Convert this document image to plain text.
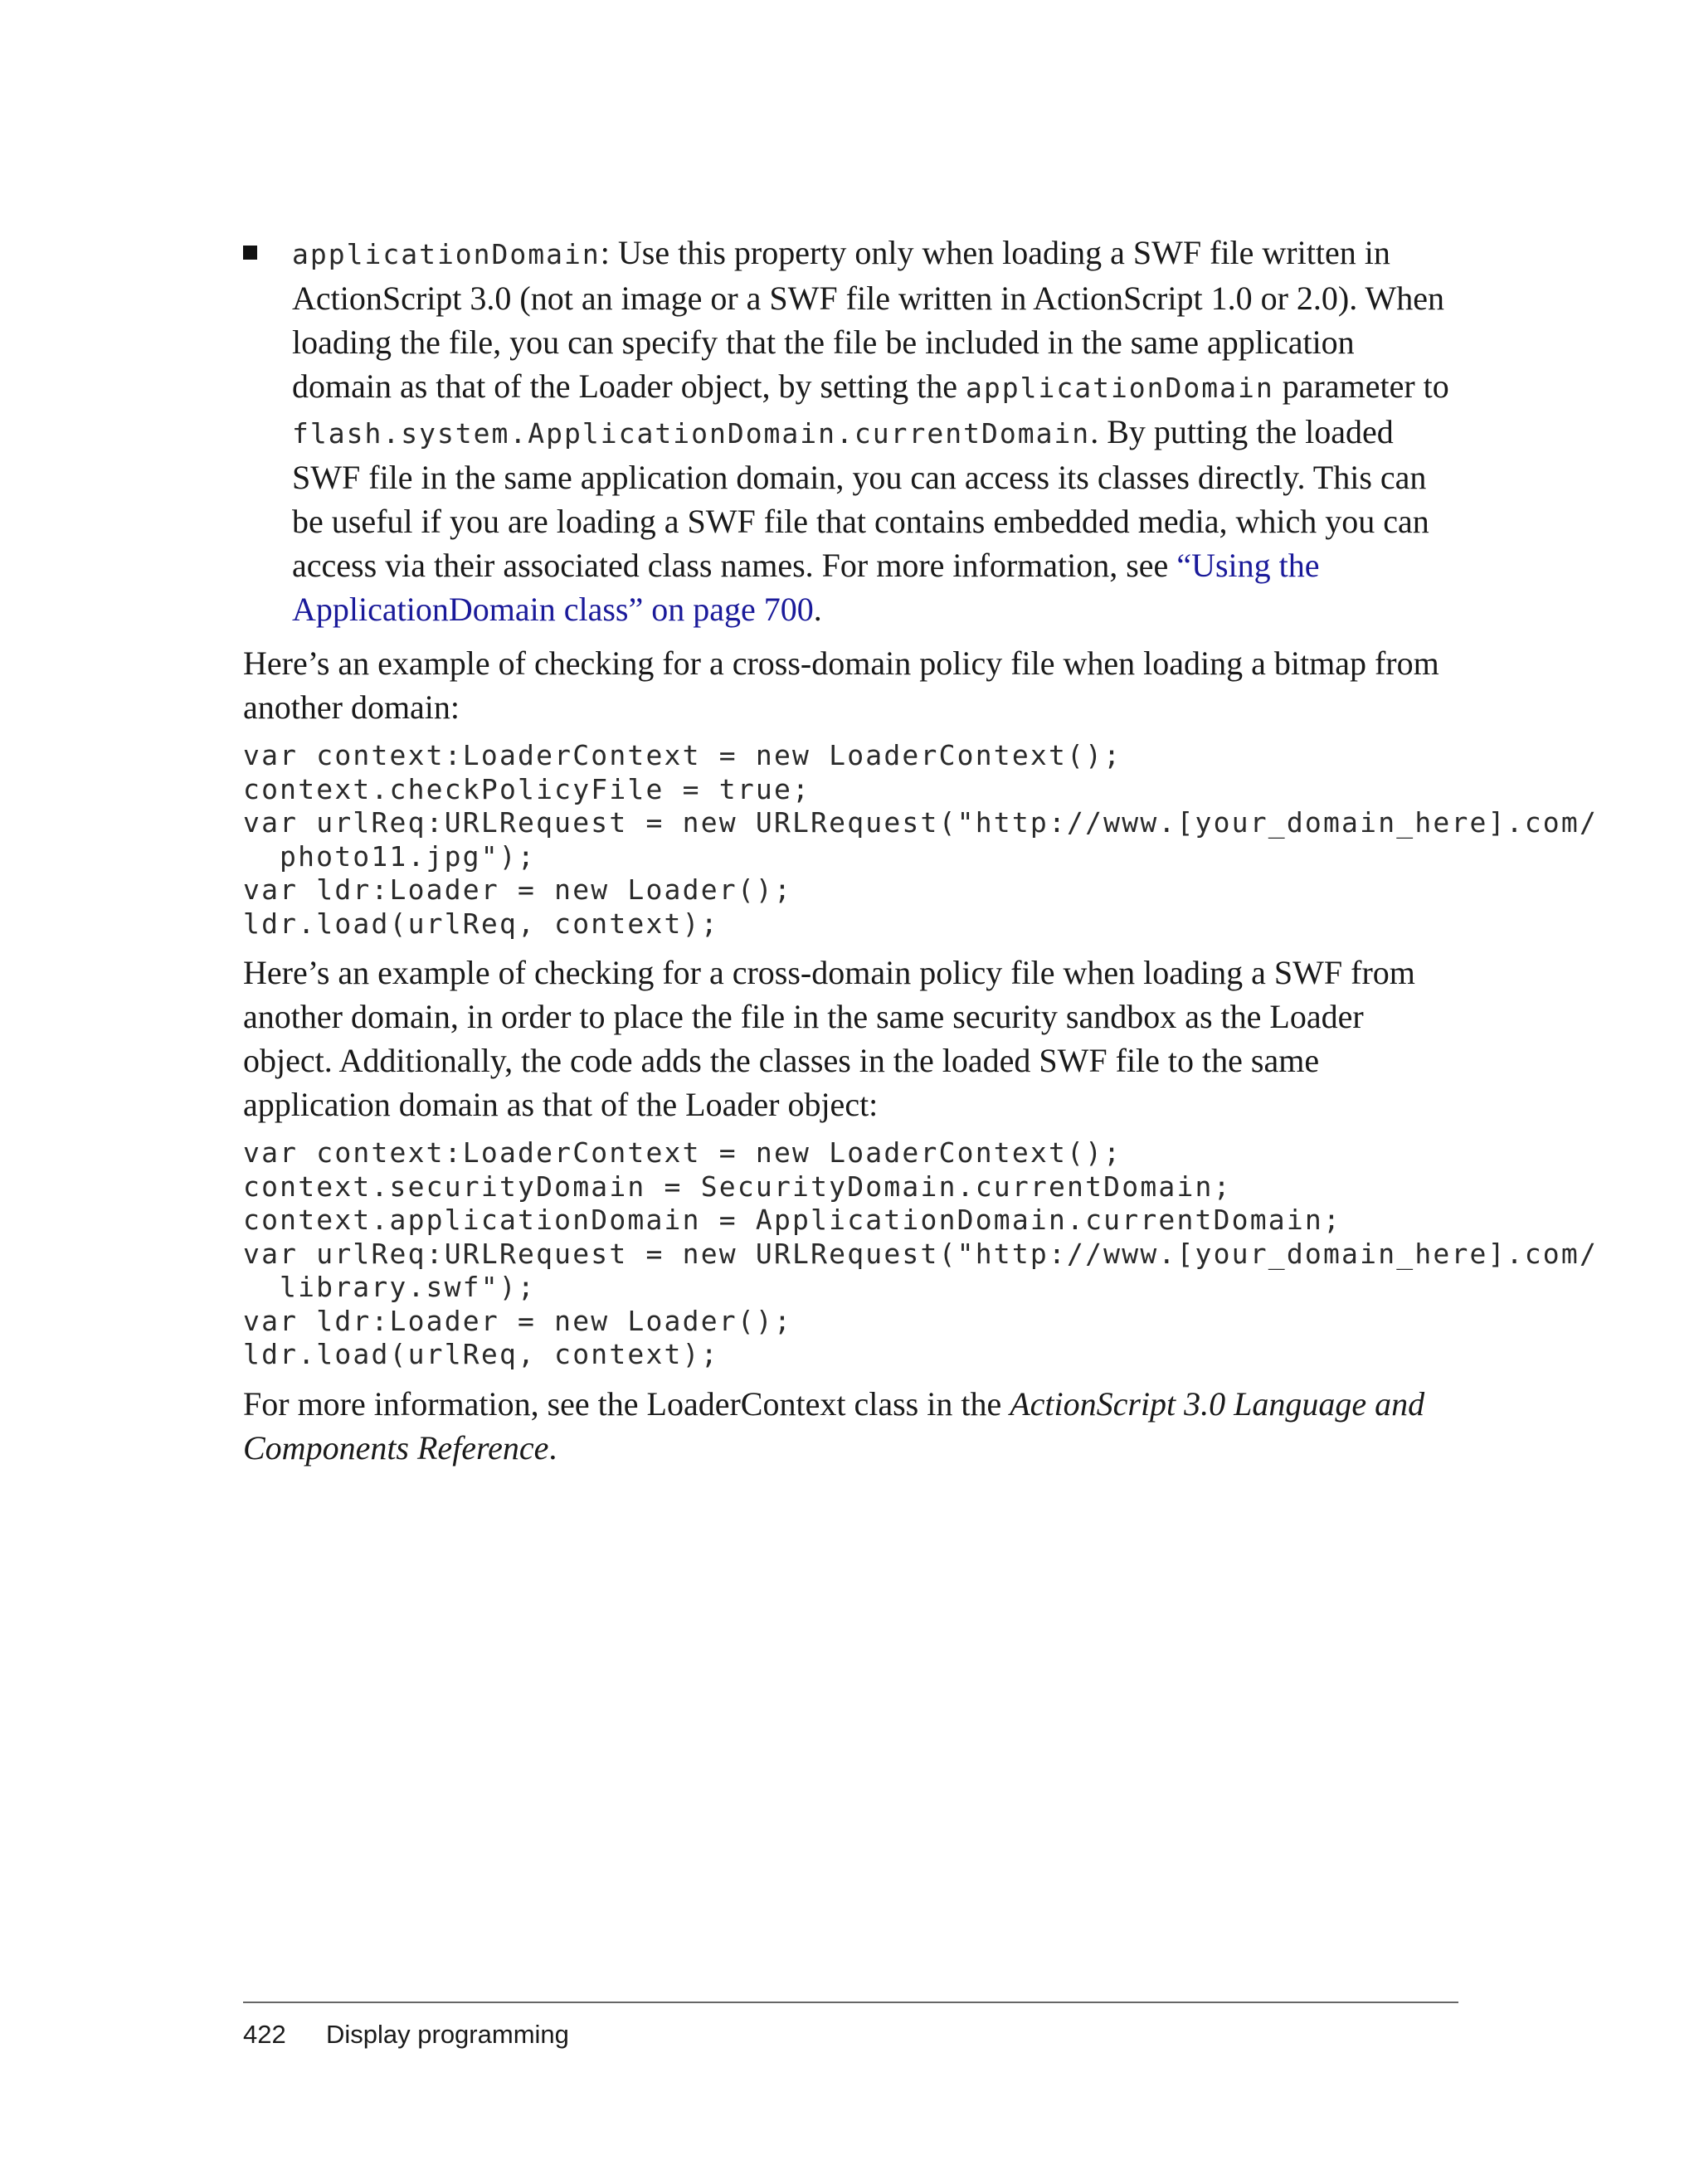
applicationDomain: Use this property only when loading a SWF file written in ActionScript 3.0 (not an image or a SWF file written in ActionScript 1.0 or 2.0). When loading the file, you can specify that the file be included in the same application domain as that of the Loader object, by setting the applicationDomain parameter to flash.system.ApplicationDomain.currentDomain. By putting the loaded SWF file in the same application domain, you can access its classes directly. This can be useful if you are loading a SWF file that contains embedded media, which you can access via their associated class names. For more information, see “Using the ApplicationDomain class” on page 700.

Here’s an example of checking for a cross-domain policy file when loading a bitmap from another domain:

var context:LoaderContext = new LoaderContext();
context.checkPolicyFile = true;
var urlReq:URLRequest = new URLRequest("http://www.[your_domain_here].com/
photo11.jpg");
var ldr:Loader = new Loader();
ldr.load(urlReq, context);

Here’s an example of checking for a cross-domain policy file when loading a SWF from another domain, in order to place the file in the same security sandbox as the Loader object. Additionally, the code adds the classes in the loaded SWF file to the same application domain as that of the Loader object:

var context:LoaderContext = new LoaderContext();
context.securityDomain = SecurityDomain.currentDomain;
context.applicationDomain = ApplicationDomain.currentDomain;
var urlReq:URLRequest = new URLRequest("http://www.[your_domain_here].com/
library.swf");
var ldr:Loader = new Loader();
ldr.load(urlReq, context);

For more information, see the LoaderContext class in the ActionScript 3.0 Language and Components Reference.

422 Display programming
